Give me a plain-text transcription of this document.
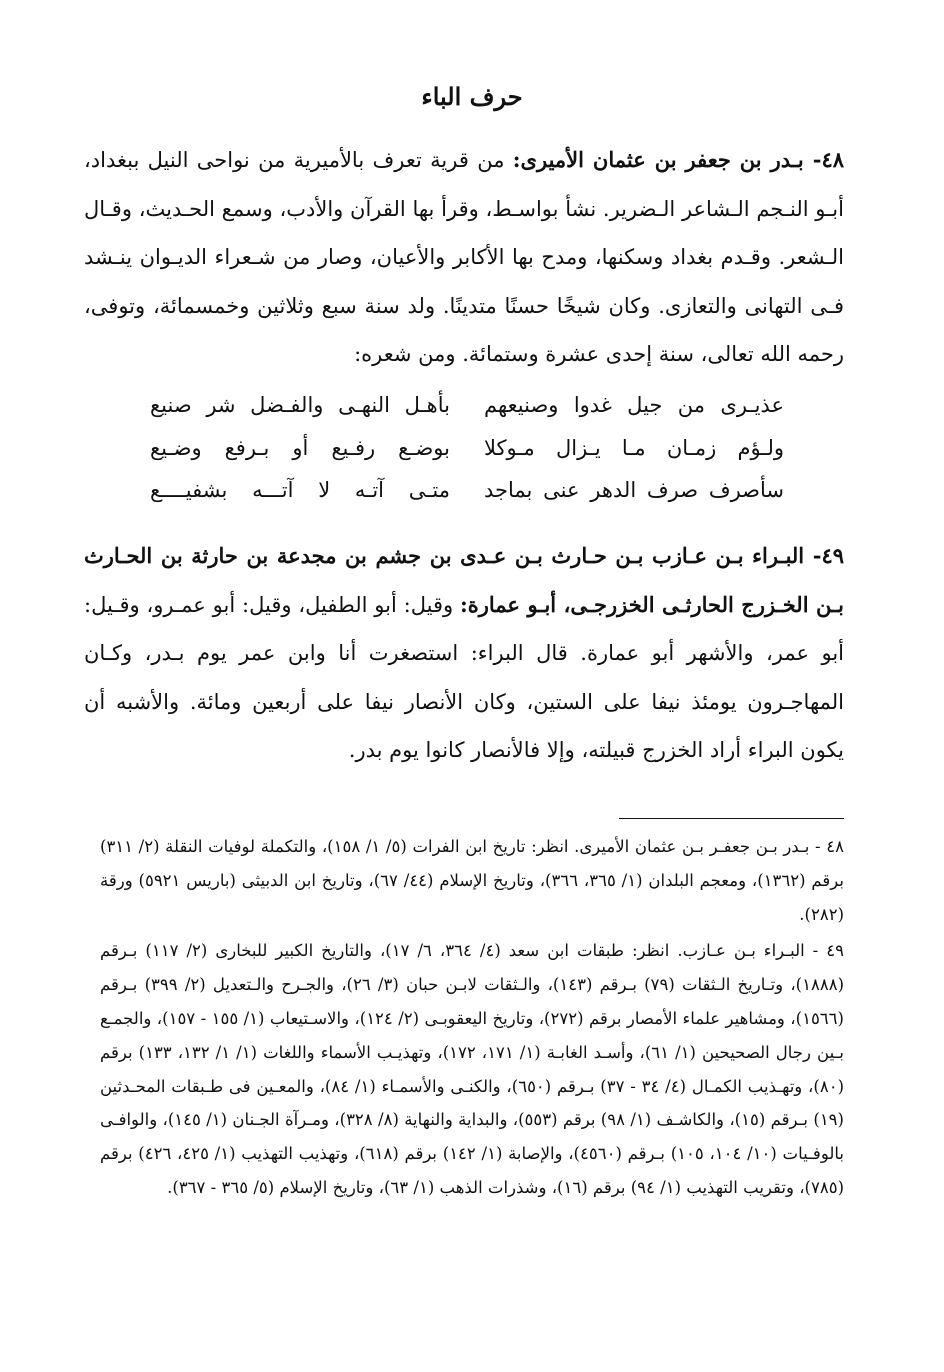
حرف الباء
٤٨- بـدر بن جعفر بن عثمان الأميرى: من قرية تعرف بالأميرية من نواحى النيل ببغداد، أبـو النـجم الـشاعر الـضرير. نشأ بواسـط، وقرأ بها القرآن والأدب، وسمع الحـديث، وقـال الـشعر. وقـدم بغداد وسكنها، ومدح بها الأكابر والأعيان، وصار من شـعراء الديـوان ينـشد فـى التهانى والتعازى. وكان شيخًا حسنًا متدينًا. ولد سنة سبع وثلاثين وخمسمائة، وتوفى، رحمه الله تعالى، سنة إحدى عشرة وستمائة. ومن شعره:
عذيـرى من جيل غدوا وصنيعهم
بأهـل النهـى والفـضل شر صنيع
ولـؤم زمـان مـا يـزال مـوكلا
بوضـع رفـيع أو بـرفع وضـيع
سأصرف صرف الدهر عنى بماجد
متـى آتـه لا آتـــه بشفيــــع
٤٩- البـراء بـن عـازب بـن حـارث بـن عـدى بن جشم بن مجدعة بن حارثة بن الحـارث بـن الخـزرج الحارثـى الخزرجـى، أبـو عمارة: وقيل: أبو الطفيل، وقيل: أبو عمـرو، وقـيل: أبو عمر، والأشهر أبو عمارة. قال البراء: استصغرت أنا وابن عمر يوم بـدر، وكـان المهاجـرون يومئذ نيفا على الستين، وكان الأنصار نيفا على أربعين ومائة. والأشبه أن يكون البراء أراد الخزرج قبيلته، وإلا فالأنصار كانوا يوم بدر.
٤٨ - بـدر بـن جعفـر بـن عثمان الأميرى. انظر: تاريخ ابن الفرات (٥/ ١/ ١٥٨)، والتكملة لوفيات النقلة (٢/ ٣١١) برقم (١٣٦٢)، ومعجم البلدان (١/ ٣٦٥، ٣٦٦)، وتاريخ الإسلام (٤٤/ ٦٧)، وتاريخ ابن الدبيثى (باريس ٥٩٢١) ورقة (٢٨٢).
٤٩ - البـراء بـن عـازب. انظر: طبقات ابن سعد (٤/ ٣٦٤، ٦/ ١٧)، والتاريخ الكبير للبخارى (٢/ ١١٧) بـرقم (١٨٨٨)، وتـاريخ الـثقات (٧٩) بـرقم (١٤٣)، والـثقات لابـن حبان (٣/ ٢٦)، والجـرح والـتعديل (٢/ ٣٩٩) بـرقم (١٥٦٦)، ومشاهير علماء الأمصار برقم (٢٧٢)، وتاريخ اليعقوبـى (٢/ ١٢٤)، والاسـتيعاب (١/ ١٥٥ - ١٥٧)، والجمـع بـين رجال الصحيحين (١/ ٦١)، وأسـد الغابـة (١/ ١٧١، ١٧٢)، وتهذيـب الأسماء واللغات (١/ ١/ ١٣٢، ١٣٣) برقم (٨٠)، وتهـذيب الكمـال (٤/ ٣٤ - ٣٧) بـرقم (٦٥٠)، والكنـى والأسمـاء (١/ ٨٤)، والمعـين فى طـبقات المحـدثين (١٩) بـرقم (١٥)، والكاشـف (١/ ٩٨) برقم (٥٥٣)، والبداية والنهاية (٨/ ٣٢٨)، ومـرآة الجـنان (١/ ١٤٥)، والوافـى بالوفـيات (١٠/ ١٠٤، ١٠٥) بـرقم (٤٥٦٠)، والإصابة (١/ ١٤٢) برقم (٦١٨)، وتهذيب التهذيب (١/ ٤٢٥، ٤٢٦) برقم (٧٨٥)، وتقريب التهذيب (١/ ٩٤) برقم (١٦)، وشذرات الذهب (١/ ٦٣)، وتاريخ الإسلام (٥/ ٣٦٥ - ٣٦٧).
